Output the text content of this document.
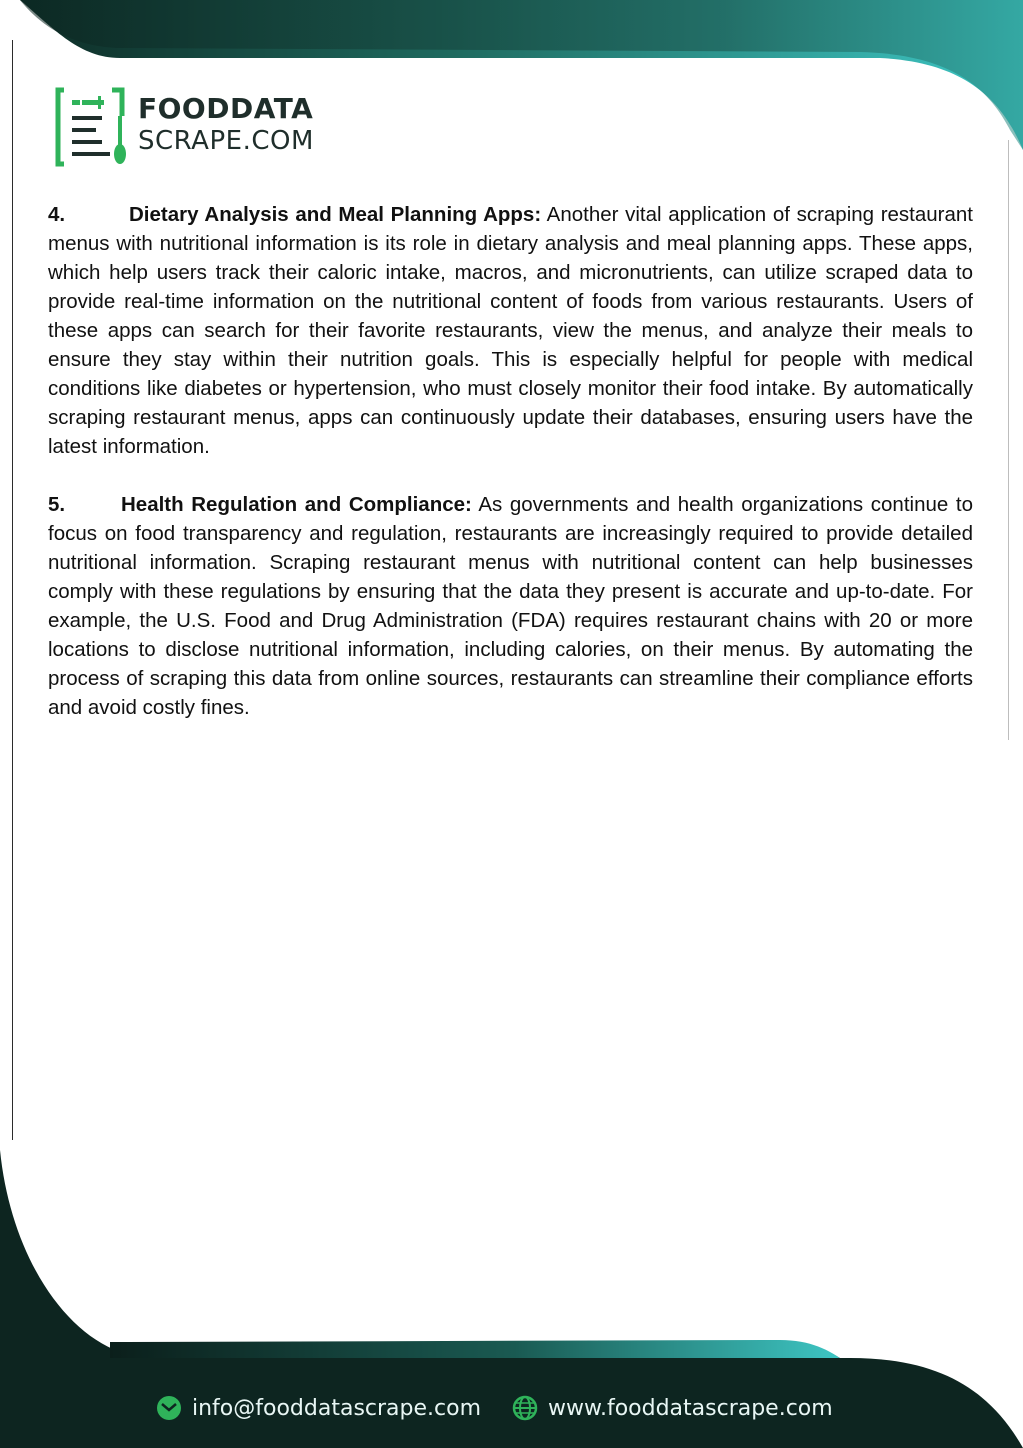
FOODDATA
SCRAPE.COM

4.	Dietary Analysis and Meal Planning Apps: Another vital application of scraping restaurant menus with nutritional information is its role in dietary analysis and meal planning apps. These apps, which help users track their caloric intake, macros, and micronutrients, can utilize scraped data to provide real-time information on the nutritional content of foods from various restaurants. Users of these apps can search for their favorite restaurants, view the menus, and analyze their meals to ensure they stay within their nutrition goals. This is especially helpful for people with medical conditions like diabetes or hypertension, who must closely monitor their food intake. By automatically scraping restaurant menus, apps can continuously update their databases, ensuring users have the latest information.

5.	Health Regulation and Compliance: As governments and health organizations continue to focus on food transparency and regulation, restaurants are increasingly required to provide detailed nutritional information. Scraping restaurant menus with nutritional content can help businesses comply with these regulations by ensuring that the data they present is accurate and up-to-date. For example, the U.S. Food and Drug Administration (FDA) requires restaurant chains with 20 or more locations to disclose nutritional information, including calories, on their menus. By automating the process of scraping this data from online sources, restaurants can streamline their compliance efforts and avoid costly fines.

info@fooddatascrape.com	www.fooddatascrape.com
